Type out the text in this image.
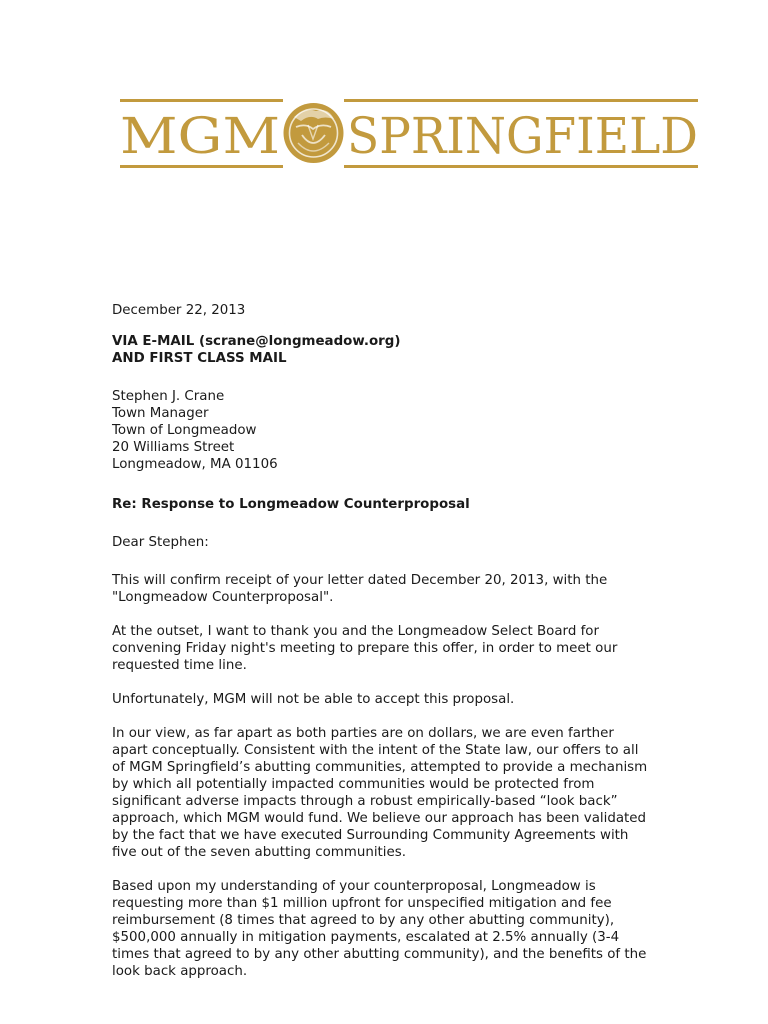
MGM SPRINGFIELD

December 22, 2013

VIA E-MAIL (scrane@longmeadow.org)
AND FIRST CLASS MAIL

Stephen J. Crane
Town Manager
Town of Longmeadow
20 Williams Street
Longmeadow, MA 01106

Re: Response to Longmeadow Counterproposal

Dear Stephen:

This will confirm receipt of your letter dated December 20, 2013, with the "Longmeadow Counterproposal".

At the outset, I want to thank you and the Longmeadow Select Board for convening Friday night's meeting to prepare this offer, in order to meet our requested time line.

Unfortunately, MGM will not be able to accept this proposal.

In our view, as far apart as both parties are on dollars, we are even farther apart conceptually. Consistent with the intent of the State law, our offers to all of MGM Springfield’s abutting communities, attempted to provide a mechanism by which all potentially impacted communities would be protected from significant adverse impacts through a robust empirically-based “look back” approach, which MGM would fund. We believe our approach has been validated by the fact that we have executed Surrounding Community Agreements with five out of the seven abutting communities.

Based upon my understanding of your counterproposal, Longmeadow is requesting more than $1 million upfront for unspecified mitigation and fee reimbursement (8 times that agreed to by any other abutting community), $500,000 annually in mitigation payments, escalated at 2.5% annually (3-4 times that agreed to by any other abutting community), and the benefits of the look back approach.
